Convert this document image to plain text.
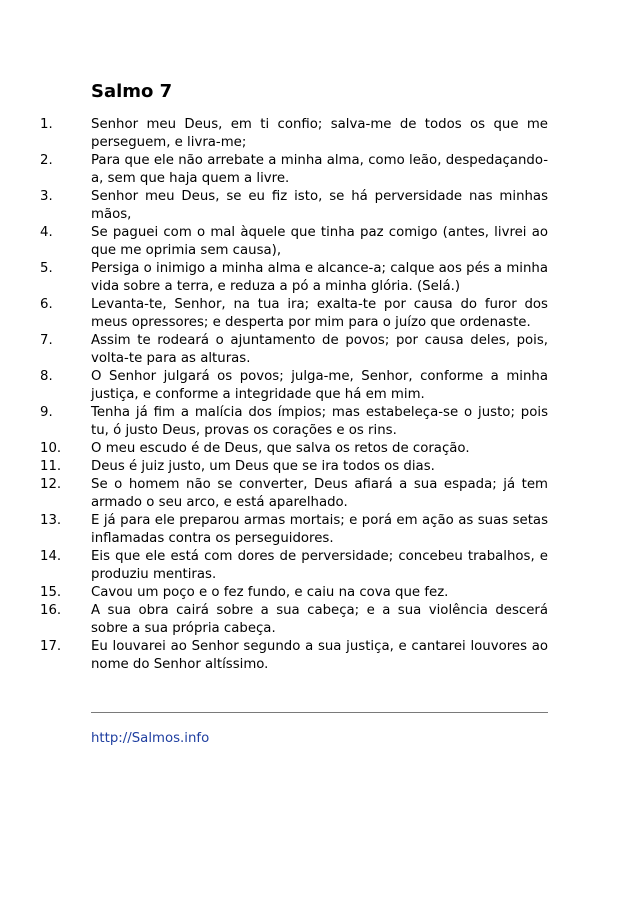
Salmo 7
1.	Senhor meu Deus, em ti confio; salva-me de todos os que me perseguem, e livra-me;
2.	Para que ele não arrebate a minha alma, como leão, despedaçando-a, sem que haja quem a livre.
3.	Senhor meu Deus, se eu fiz isto, se há perversidade nas minhas mãos,
4.	Se paguei com o mal àquele que tinha paz comigo (antes, livrei ao que me oprimia sem causa),
5.	Persiga o inimigo a minha alma e alcance-a; calque aos pés a minha vida sobre a terra, e reduza a pó a minha glória. (Selá.)
6.	Levanta-te, Senhor, na tua ira; exalta-te por causa do furor dos meus opressores; e desperta por mim para o juízo que ordenaste.
7.	Assim te rodeará o ajuntamento de povos; por causa deles, pois, volta-te para as alturas.
8.	O Senhor julgará os povos; julga-me, Senhor, conforme a minha justiça, e conforme a integridade que há em mim.
9.	Tenha já fim a malícia dos ímpios; mas estabeleça-se o justo; pois tu, ó justo Deus, provas os corações e os rins.
10.	O meu escudo é de Deus, que salva os retos de coração.
11.	Deus é juiz justo, um Deus que se ira todos os dias.
12.	Se o homem não se converter, Deus afiará a sua espada; já tem armado o seu arco, e está aparelhado.
13.	E já para ele preparou armas mortais; e porá em ação as suas setas inflamadas contra os perseguidores.
14.	Eis que ele está com dores de perversidade; concebeu trabalhos, e produziu mentiras.
15.	Cavou um poço e o fez fundo, e caiu na cova que fez.
16.	A sua obra cairá sobre a sua cabeça; e a sua violência descerá sobre a sua própria cabeça.
17.	Eu louvarei ao Senhor segundo a sua justiça, e cantarei louvores ao nome do Senhor altíssimo.
http://Salmos.info
